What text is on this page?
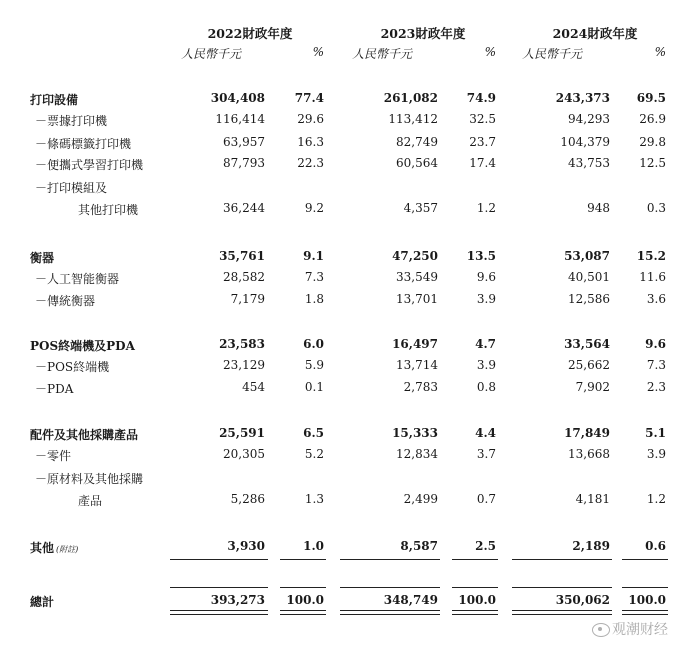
2022財政年度	2023財政年度	2024財政年度
人民幣千元	% 人民幣千元	% 人民幣千元	%
打印設備	304,408 77.4	261,082 74.9	243,373 69.5
－票據打印機	116,414	29.6	113,412	32.5	94,293 26.9
－條碼標籤打印機	63,957	16.3	82,749	23.7	104,379 29.8
－便攜式學習打印機	87,793	22.3	60,564	17.4	43,753 12.5
－打印模組及
其他打印機	36,244	9.2	4,357	1.2	948	0.3
衡器	35,761	9.1	47,250 13.5	53,087 15.2
－人工智能衡器	28,582	7.3	33,549	9.6	40,501 11.6
－傳統衡器	7,179	1.8	13,701	3.9	12,586	3.6
POS終端機及PDA	23,583	6.0	16,497	4.7	33,564	9.6
－POS終端機	23,129	5.9	13,714	3.9	25,662	7.3
－PDA	454	0.1	2,783	0.8	7,902	2.3
配件及其他採購產品	25,591	6.5	15,333	4.4	17,849	5.1
－零件	20,305	5.2	12,834	3.7	13,668	3.9
－原材料及其他採購
產品	5,286	1.3	2,499	0.7	4,181	1.2
其他 (附註)	3,930	1.0	8,587	2.5	2,189	0.6
總計	393,273 100.0	348,749 100.0	350,062 100.0
观潮财经
